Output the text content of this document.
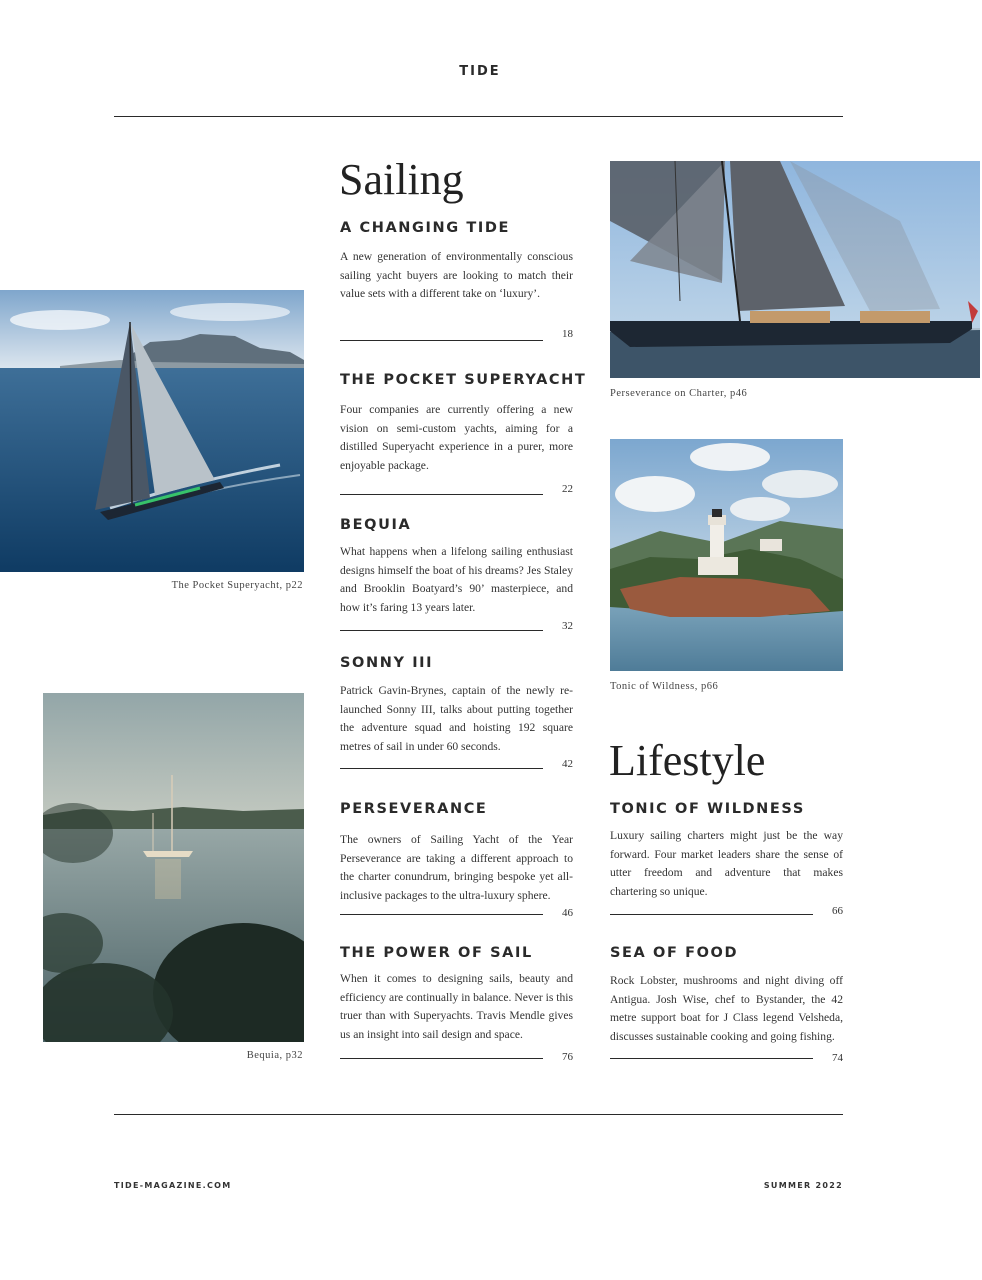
TIDE
Sailing
Lifestyle
A CHANGING TIDE

A new generation of environmentally conscious sailing yacht buyers are looking to match their value sets with a different take on ‘luxury’.

18
THE POCKET SUPERYACHT

Four companies are currently offering a new vision on semi-custom yachts, aiming for a distilled Superyacht experience in a purer, more enjoyable package.

22
BEQUIA

What happens when a lifelong sailing enthusiast designs himself the boat of his dreams? Jes Staley and Brooklin Boatyard’s 90’ masterpiece, and how it’s faring 13 years later.

32
SONNY III

Patrick Gavin-Brynes, captain of the newly re-launched Sonny III, talks about putting together the adventure squad and hoisting 192 square metres of sail in under 60 seconds.

42
PERSEVERANCE

The owners of Sailing Yacht of the Year Perseverance are taking a different approach to the charter conundrum, bringing bespoke yet all-inclusive packages to the ultra-luxury sphere.

46
THE POWER OF SAIL

When it comes to designing sails, beauty and efficiency are continually in balance. Never is this truer than with Superyachts. Travis Mendle gives us an insight into sail design and space.

76
TONIC OF WILDNESS

Luxury sailing charters might just be the way forward. Four market leaders share the sense of utter freedom and adventure that makes chartering so unique.

66
SEA OF FOOD

Rock Lobster, mushrooms and night diving off Antigua. Josh Wise, chef to Bystander, the 42 metre support boat for J Class legend Velsheda, discusses sustainable cooking and going fishing.

74
The Pocket Superyacht, p22
Bequia, p32
Perseverance on Charter, p46
Tonic of Wildness, p66
TIDE-MAGAZINE.COM	SUMMER 2022
